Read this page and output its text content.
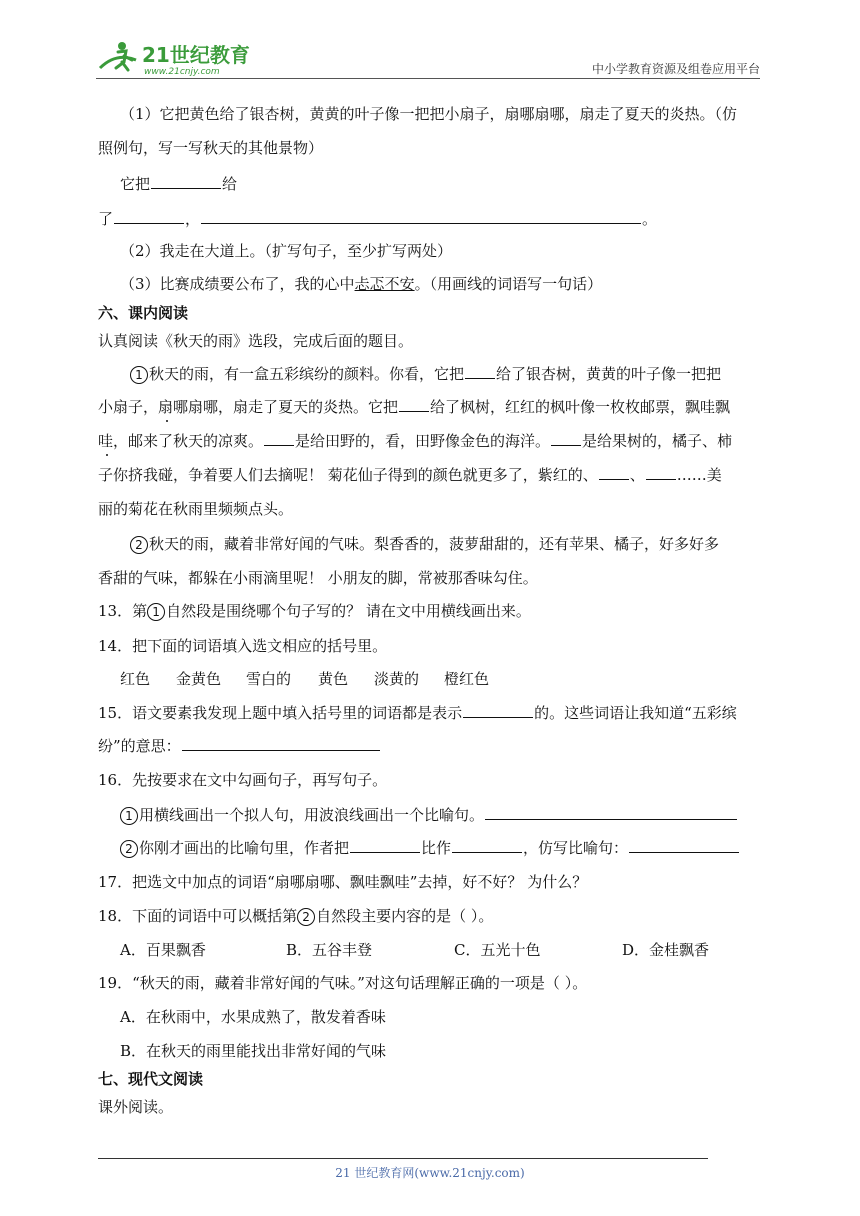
21世纪教育
www.21cnjy.com	中小学教育资源及组卷应用平台
（1）它把黄色给了银杏树，黄黄的叶子像一把把小扇子，扇哪扇哪，扇走了夏天的炎热。（仿
照例句，写一写秋天的其他景物）
它把	给
了	，	。
（2）我走在大道上。（扩写句子，至少扩写两处）
（3）比赛成绩要公布了，我的心中忐忑不安。（用画线的词语写一句话）
六、课内阅读
认真阅读《秋天的雨》选段，完成后面的题目。
1 秋天的雨，有一盒五彩缤纷的颜料。你看，它把 给了银杏树，黄黄的叶子像一把把
小扇子，扇
哪扇哪，扇走了夏天的炎热。它把 给了枫树，红红的枫叶像一枚枚邮票，飘哇飘
哇
，邮来了秋天的凉爽。 是给田野的，看，田野像金色的海洋。 是给果树的，橘子、柿
子你挤我碰，争着要人们去摘呢！ 菊花仙子得到的颜色就更多了，紫红的、 、 ……美
丽的菊花在秋雨里频频点头。
2 秋天的雨，藏着非常好闻的气味。梨香香的，菠萝甜甜的，还有苹果、橘子，好多好多
香甜的气味，都躲在小雨滴里呢！ 小朋友的脚，常被那香味勾住。
13．第 1 自然段是围绕哪个句子写的？ 请在文中用横线画出来。
14．把下面的词语填入选文相应的括号里。
红色 金黄色 雪白的 黄色 淡黄的 橙红色
15．语文要素我发现上题中填入括号里的词语都是表示	的。这些词语让我知道“五彩缤
纷”的意思：
16．先按要求在文中勾画句子，再写句子。
1 用横线画出一个拟人句，用波浪线画出一个比喻句。
2 你刚才画出的比喻句里，作者把	比作	，仿写比喻句：
17．把选文中加点的词语“扇哪扇哪、飘哇飘哇”去掉，好不好？ 为什么？
18．下面的词语中可以概括第 2 自然段主要内容的是（ ）。
A．百果飘香	B．五谷丰登	C．五光十色	D．金桂飘香
19．“秋天的雨，藏着非常好闻的气味。”对这句话理解正确的一项是（ ）。
A．在秋雨中，水果成熟了，散发着香味
B．在秋天的雨里能找出非常好闻的气味
七、现代文阅读
课外阅读。
21 世纪教育网(www.21cnjy.com)
